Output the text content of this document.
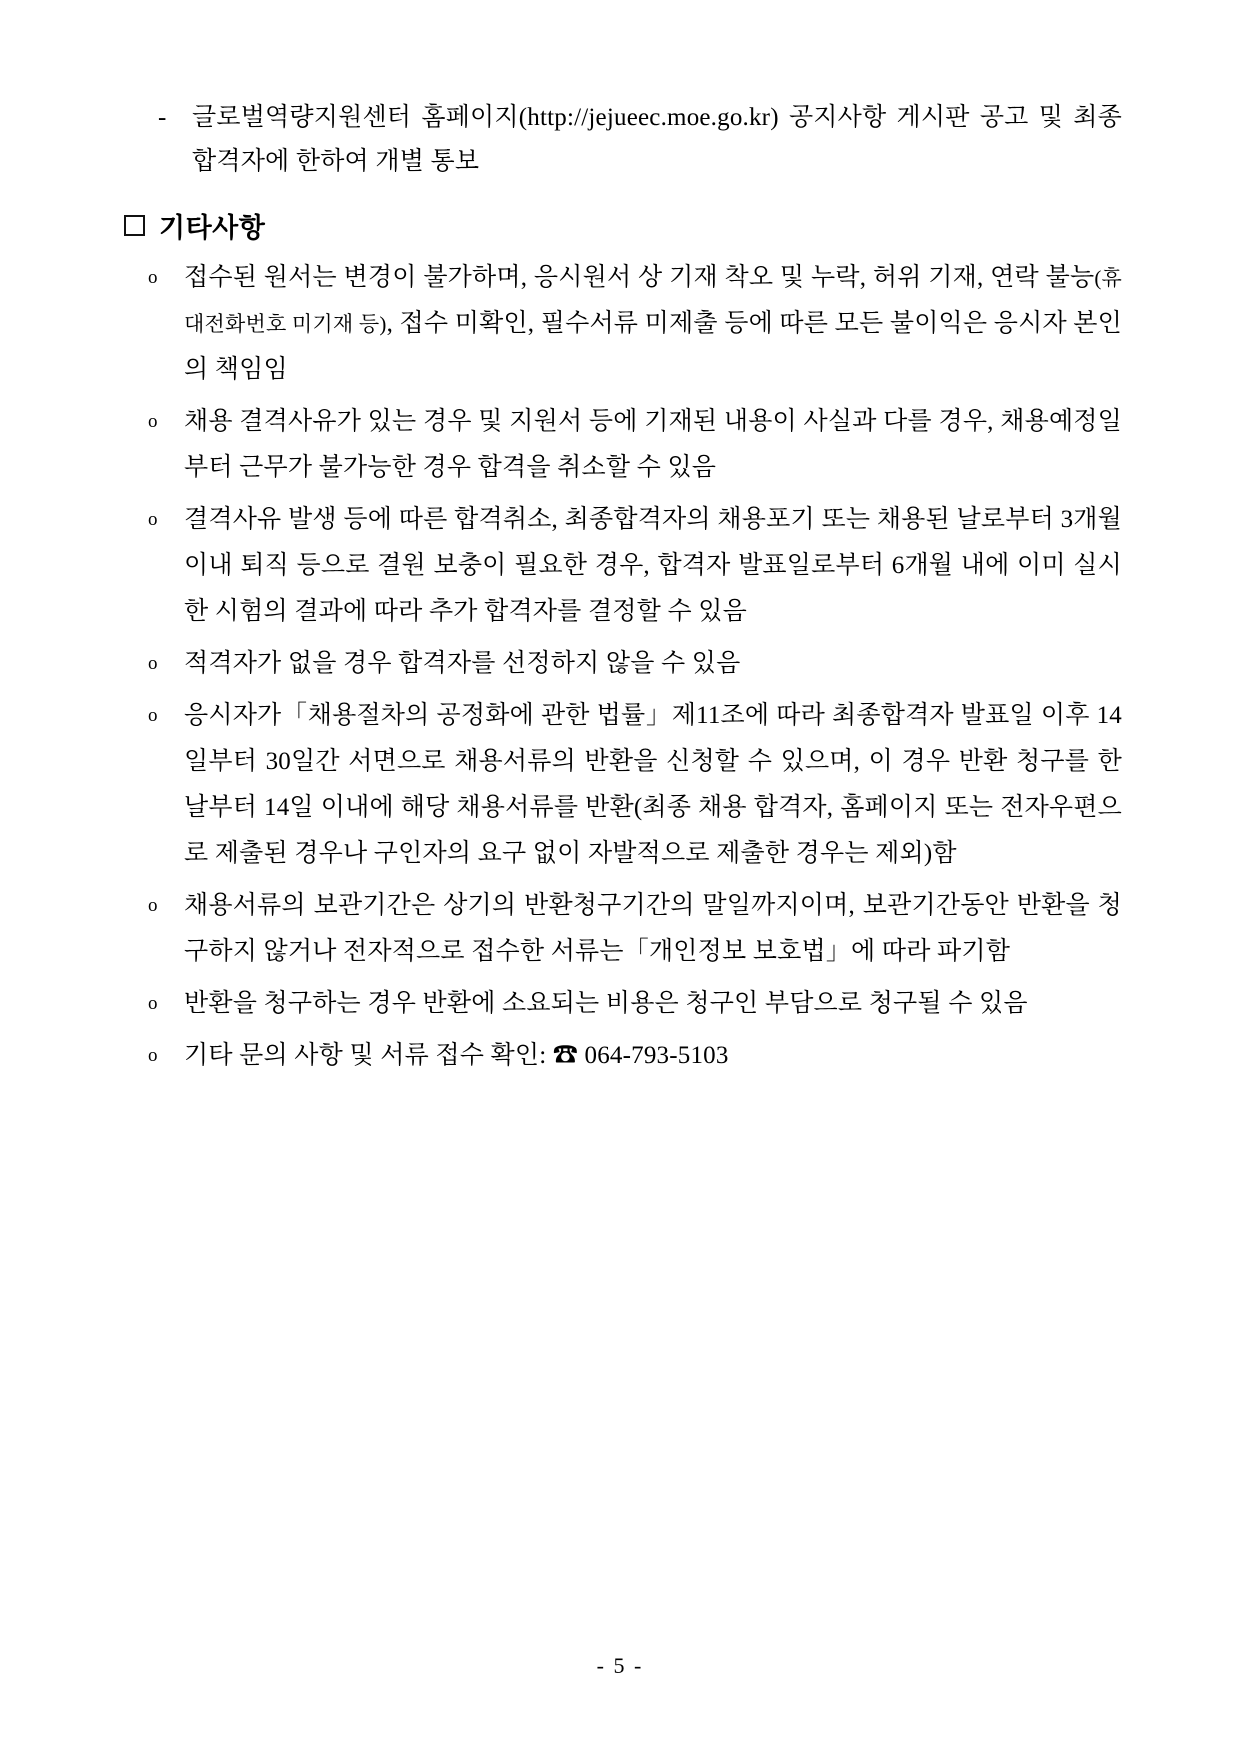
-	글로벌역량지원센터 홈페이지(http://jejueec.moe.go.kr) 공지사항 게시판 공고 및 최종 합격자에 한하여 개별 통보
기타사항
o	접수된 원서는 변경이 불가하며, 응시원서 상 기재 착오 및 누락, 허위 기재, 연락 불능(휴대전화번호 미기재 등), 접수 미확인, 필수서류 미제출 등에 따른 모든 불이익은 응시자 본인의 책임임
o	채용 결격사유가 있는 경우 및 지원서 등에 기재된 내용이 사실과 다를 경우, 채용예정일부터 근무가 불가능한 경우 합격을 취소할 수 있음
o	결격사유 발생 등에 따른 합격취소, 최종합격자의 채용포기 또는 채용된 날로부터 3개월 이내 퇴직 등으로 결원 보충이 필요한 경우, 합격자 발표일로부터 6개월 내에 이미 실시한 시험의 결과에 따라 추가 합격자를 결정할 수 있음
o	적격자가 없을 경우 합격자를 선정하지 않을 수 있음
o	응시자가「채용절차의 공정화에 관한 법률」제11조에 따라 최종합격자 발표일 이후 14일부터 30일간 서면으로 채용서류의 반환을 신청할 수 있으며, 이 경우 반환 청구를 한 날부터 14일 이내에 해당 채용서류를 반환(최종 채용 합격자, 홈페이지 또는 전자우편으로 제출된 경우나 구인자의 요구 없이 자발적으로 제출한 경우는 제외)함
o	채용서류의 보관기간은 상기의 반환청구기간의 말일까지이며, 보관기간동안 반환을 청구하지 않거나 전자적으로 접수한 서류는「개인정보 보호법」에 따라 파기함
o	반환을 청구하는 경우 반환에 소요되는 비용은 청구인 부담으로 청구될 수 있음
o	기타 문의 사항 및 서류 접수 확인: ☎ 064-793-5103
- 5 -
